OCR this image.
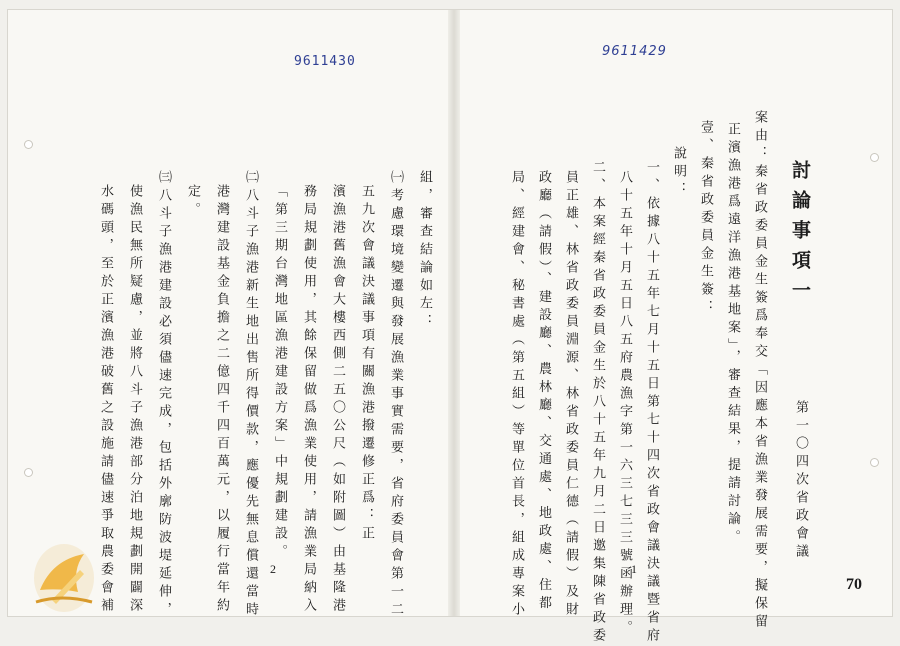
9611430
組，審查結論如左：
㈠考慮環境變遷與發展漁業事實需要，省府委員會第一二
五九次會議決議事項有關漁港撥遷修正爲：正
濱漁港舊漁會大樓西側二五〇公尺（如附圖）由基隆港
務局規劃使用，其餘保留做爲漁業使用，請漁業局納入
「第三期台灣地區漁港建設方案」中規劃建設。
㈡八斗子漁港新生地出售所得價款，應優先無息償還當時
港灣建設基金負擔之二億四千四百萬元，以履行當年約
定。
㈢八斗子漁港建設必須儘速完成，包括外廓防波堤延伸，
使漁民無所疑慮，並將八斗子漁港部分泊地規劃開闢深
水碼頭，至於正濱漁港破舊之設施請儘速爭取農委會補	2
9611429
討論事項一
第一〇四次省政會議
案由：秦省政委員金生簽爲奉交「因應本省漁業發展需要，擬保留
正濱漁港爲遠洋漁港基地案」，審查結果，提請討論。
壹、秦省政委員金生簽：
說明：
一、依據八十五年七月十五日第七十四次省政會議決議暨省府
八十五年十月五日八五府農漁字第一六三七三三號函辦理。
二、本案經秦省政委員金生於八十五年九月二日邀集陳省政委
員正雄、林省政委員淵源、林省政委員仁德（請假）及財
政廳（請假）、建設廳、農林廳、交通處、地政處、住都
局、經建會、秘書處（第五組）等單位首長，組成專案小	1
70
